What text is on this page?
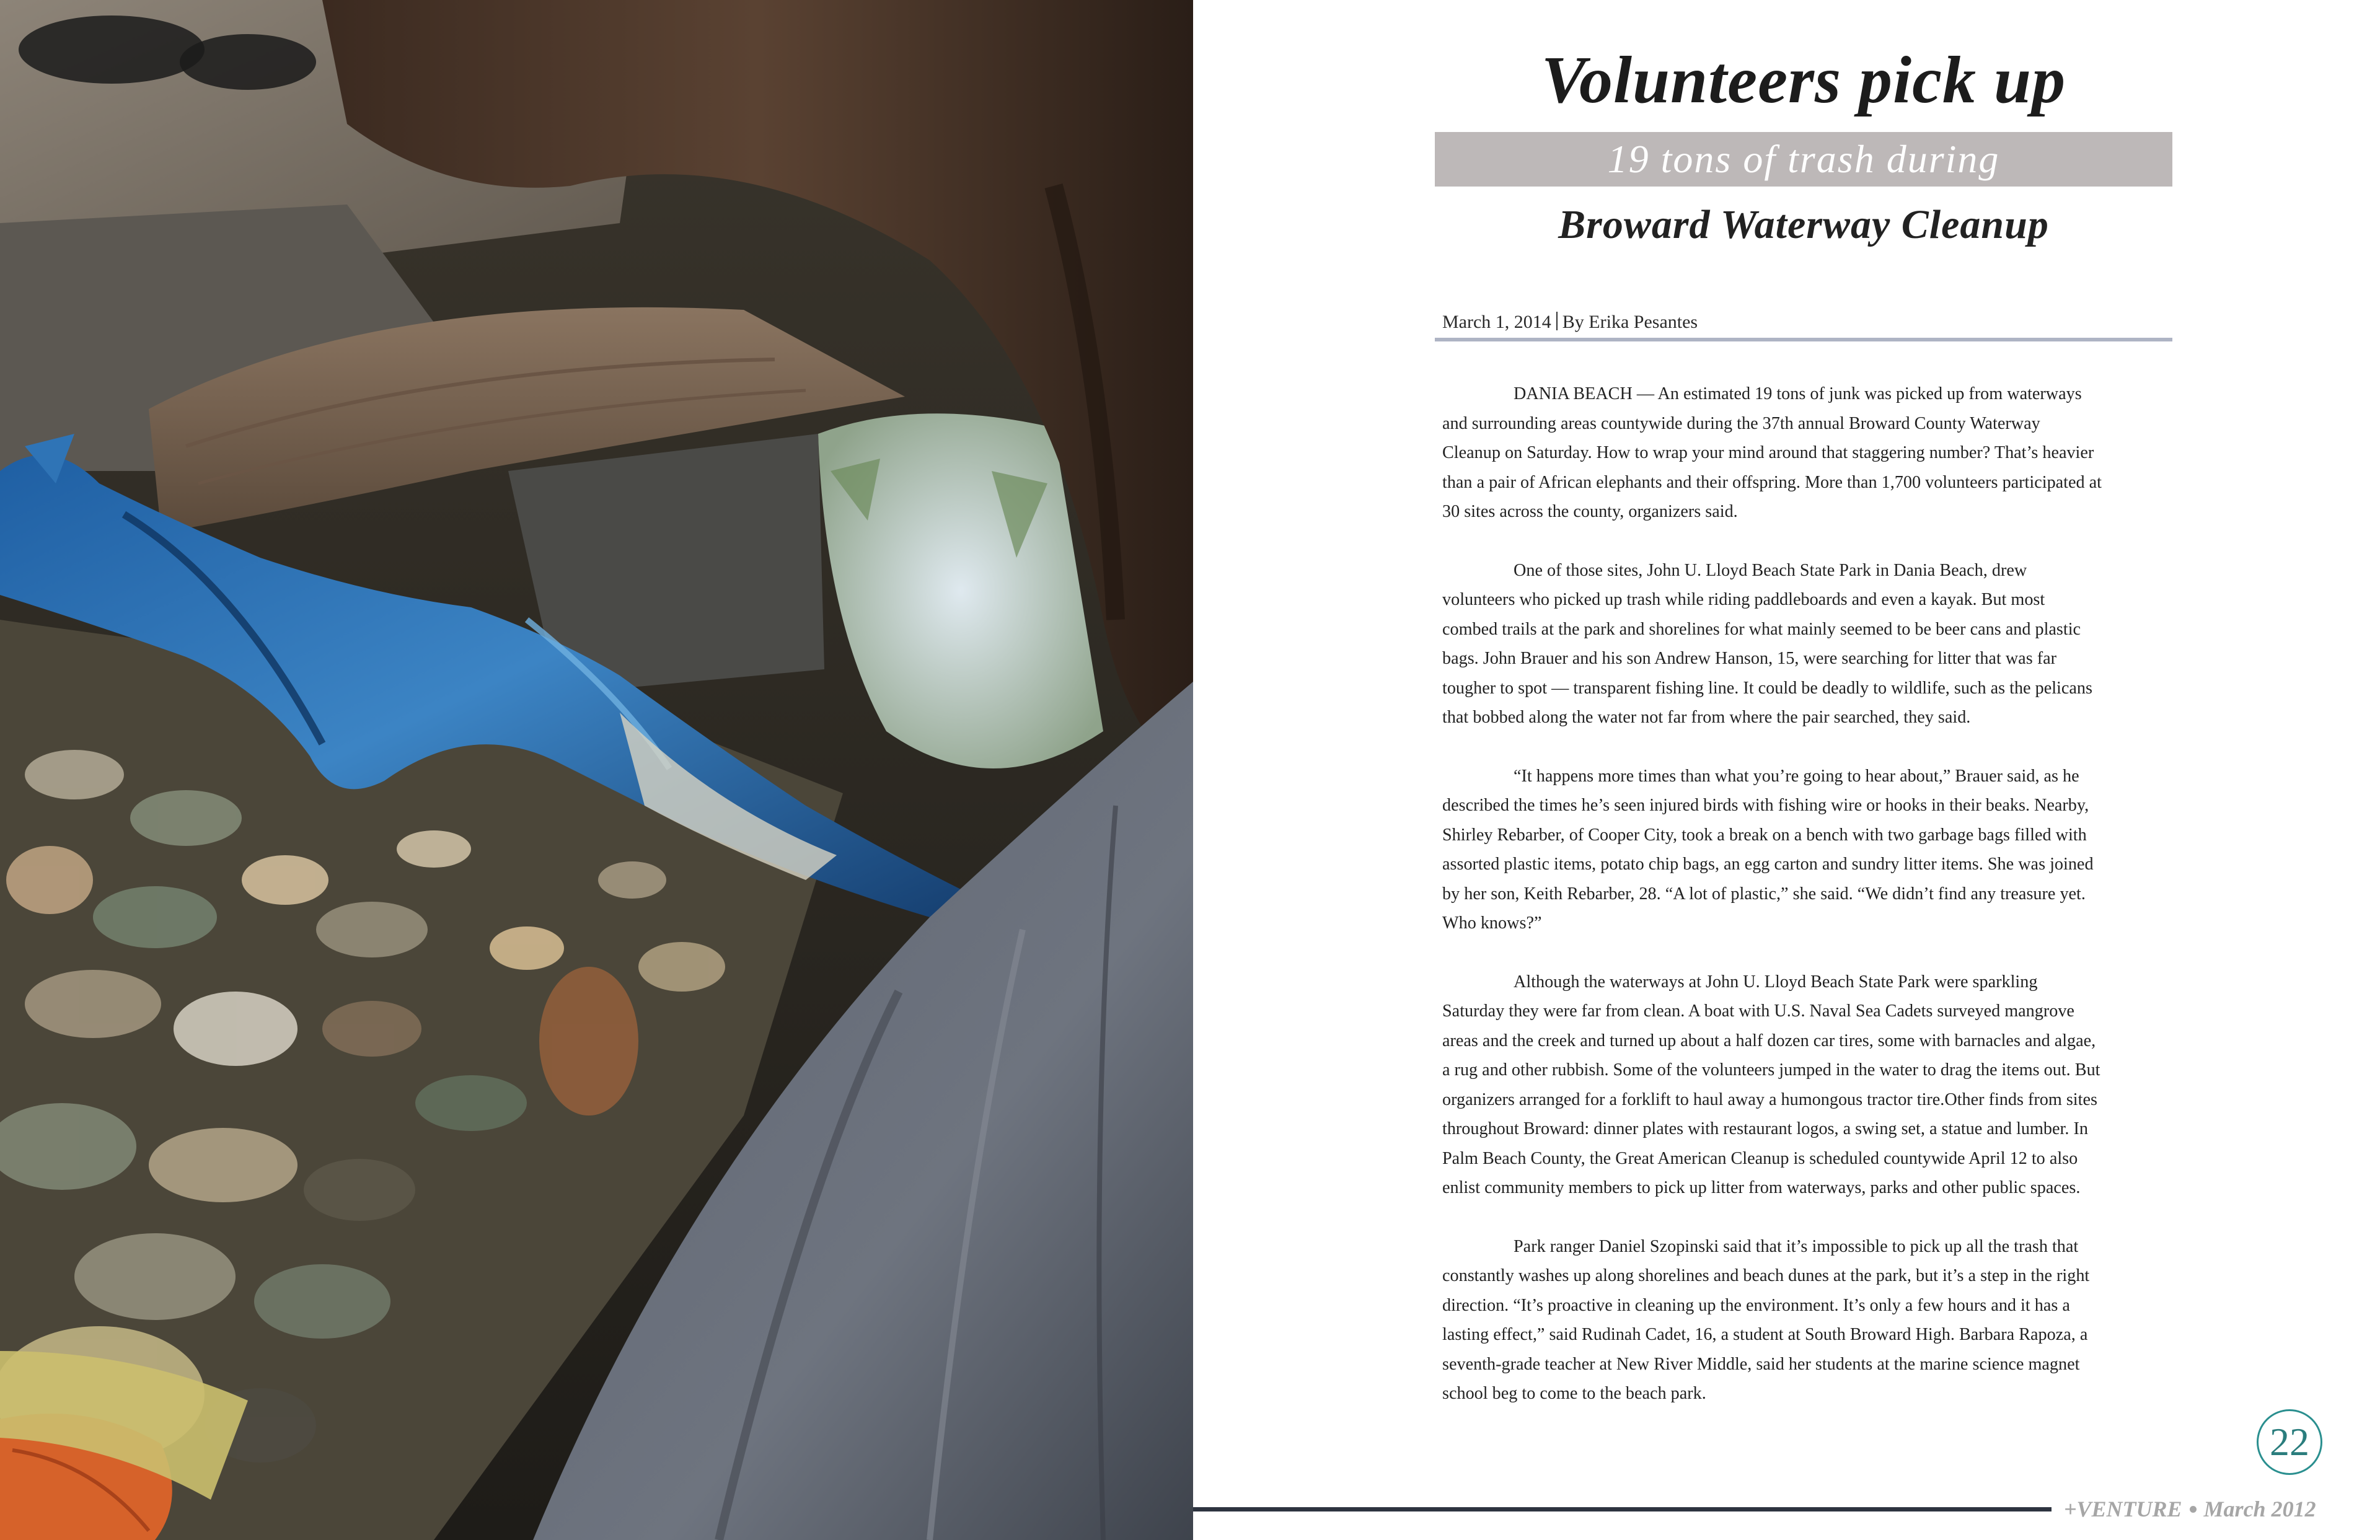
Volunteers pick up
19 tons of trash during
Broward Waterway Cleanup
March 1, 2014 By Erika Pesantes

DANIA BEACH — An estimated 19 tons of junk was picked up from waterways and surrounding areas countywide during the 37th annual Broward County Waterway Cleanup on Saturday. How to wrap your mind around that staggering number? That’s heavier than a pair of African elephants and their offspring. More than 1,700 volunteers participated at 30 sites across the county, organizers said.

One of those sites, John U. Lloyd Beach State Park in Dania Beach, drew volunteers who picked up trash while riding paddleboards and even a kayak. But most combed trails at the park and shorelines for what mainly seemed to be beer cans and plastic bags. John Brauer and his son Andrew Hanson, 15, were searching for litter that was far tougher to spot — transparent fishing line. It could be deadly to wildlife, such as the pelicans that bobbed along the water not far from where the pair searched, they said.

“It happens more times than what you’re going to hear about,” Brauer said, as he described the times he’s seen injured birds with fishing wire or hooks in their beaks. Nearby, Shirley Rebarber, of Cooper City, took a break on a bench with two garbage bags filled with assorted plastic items, potato chip bags, an egg carton and sundry litter items. She was joined by her son, Keith Rebarber, 28. “A lot of plastic,” she said. “We didn’t find any treasure yet. Who knows?”

Although the waterways at John U. Lloyd Beach State Park were sparkling Saturday they were far from clean. A boat with U.S. Naval Sea Cadets surveyed mangrove areas and the creek and turned up about a half dozen car tires, some with barnacles and algae, a rug and other rubbish. Some of the volunteers jumped in the water to drag the items out. But organizers arranged for a forklift to haul away a humongous tractor tire.Other finds from sites throughout Broward: dinner plates with restaurant logos, a swing set, a statue and lumber. In Palm Beach County, the Great American Cleanup is scheduled countywide April 12 to also enlist community members to pick up litter from waterways, parks and other public spaces.

Park ranger Daniel Szopinski said that it’s impossible to pick up all the trash that constantly washes up along shorelines and beach dunes at the park, but it’s a step in the right direction. “It’s proactive in cleaning up the environment. It’s only a few hours and it has a lasting effect,” said Rudinah Cadet, 16, a student at South Broward High. Barbara Rapoza, a seventh-grade teacher at New River Middle, said her students at the marine science magnet school beg to come to the beach park.

22
+VENTURE March 2012
